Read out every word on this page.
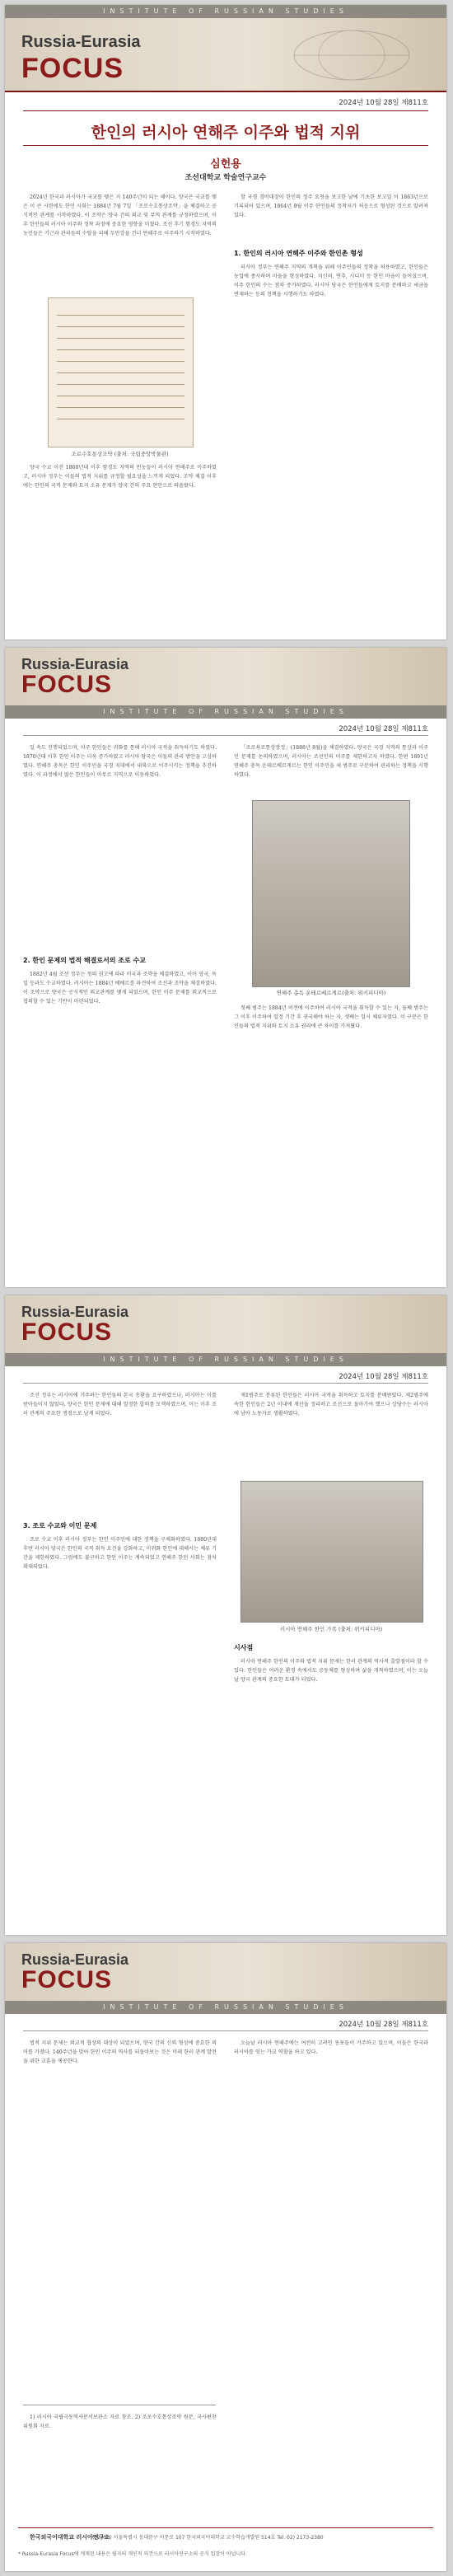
INSTITUTE OF RUSSIAN STUDIES
Russia-Eurasia
FOCUS
2024년 10월 28일 제811호
한인의 러시아 연해주 이주와 법적 지위
심헌용
조선대학교 학술연구교수

2024년 한국과 러시아가 국교를 맺은 지 140주년이 되는 해이다. 양국은 국교를 맺은 이 큰 시련에도 한인 사회는 1884년 7월 7일 「조로수호통상조약」을 체결하고 공식적인 관계를 시작하였다. 이 조약은 양국 간의 외교 및 무역 관계를 규정하였으며, 이후 한인들의 러시아 이주와 정착 과정에 중요한 영향을 미쳤다. 조선 후기 함경도 지역의 농민들은 기근과 관리들의 수탈을 피해 두만강을 건너 연해주로 이주하기 시작하였다.

조로수호통상조약 (출처: 국립중앙박물관)

양국 수교 이전 1860년대 이후 함경도 지역의 빈농들이 러시아 연해주로 이주하였고, 러시아 정부는 이들의 법적 지위를 규정할 필요성을 느끼게 되었다. 조약 체결 이후에는 한인의 국적 문제와 토지 소유 문제가 양국 간의 주요 현안으로 떠올랐다.

할 국경 경비대장이 한인의 정주 요청을 보고한 날에 기초한 보고일 이 1863년으로 기록되어 있으며, 1864년 9월 이주 한인들의 정착지가 처음으로 형성된 것으로 알려져 있다.

1. 한인의 러시아 연해주 이주와 한인촌 형성

러시아 정부는 연해주 지역의 개척을 위해 이주민들의 정착을 허용하였고, 한인들은 농업에 종사하며 마을을 형성하였다. 지신허, 연추, 시디미 등 한인 마을이 들어섰으며, 이주 한인의 수는 점차 증가하였다. 러시아 당국은 한인들에게 토지를 분배하고 세금을 면제하는 등의 정책을 시행하기도 하였다.

Russia-Eurasia
FOCUS
INSTITUTE OF RUSSIAN STUDIES
2024년 10월 28일 제811호

일 속도 진행되었으며, 이주 한인들은 귀화를 통해 러시아 국적을 취득하기도 하였다. 1870년대 이후 한인 이주는 더욱 증가하였고 러시아 당국은 이들의 관리 방안을 고심하였다. 연해주 총독은 한인 이주민을 국경 지대에서 내륙으로 이주시키는 정책을 추진하였다. 이 과정에서 많은 한인들이 아무르 지역으로 이동하였다.

2. 한인 문제의 법적 해결로서의 조로 수교

1882년 4월 조선 정부는 청의 권고에 따라 미국과 조약을 체결하였고, 이어 영국, 독일 등과도 수교하였다. 러시아는 1884년 베베르를 파견하여 조선과 조약을 체결하였다. 이 조약으로 양국은 공식적인 외교관계를 맺게 되었으며, 한인 이주 문제를 외교적으로 협의할 수 있는 기반이 마련되었다.

「조로육로통상장정」(1888년 8월)을 체결하였다. 양국은 국경 지역의 통상과 이주민 문제를 논의하였으며, 러시아는 조선인의 이주를 제한하고자 하였다. 한편 1891년 연해주 총독 운테르베르게르는 한인 이주민을 세 범주로 구분하여 관리하는 정책을 시행하였다.

연해주 총독 운테르베르게르(출처: 위키피디아)

첫째 범주는 1884년 이전에 이주하여 러시아 국적을 취득할 수 있는 자, 둘째 범주는 그 이후 이주하여 일정 기간 후 귀국해야 하는 자, 셋째는 일시 체류자였다. 이 구분은 한인들의 법적 지위와 토지 소유 권리에 큰 차이를 가져왔다.

Russia-Eurasia
FOCUS
INSTITUTE OF RUSSIAN STUDIES
2024년 10월 28일 제811호

조선 정부는 러시아에 거주하는 한인들의 본국 송환을 요구하였으나, 러시아는 이를 받아들이지 않았다. 양국은 한인 문제에 대해 일정한 합의를 모색하였으며, 이는 이후 조러 관계의 주요한 쟁점으로 남게 되었다.

3. 조로 수교와 이민 문제

조로 수교 이후 러시아 정부는 한인 이주민에 대한 정책을 구체화하였다. 1880년대 후반 러시아 당국은 한인의 국적 취득 요건을 강화하고, 미귀화 한인에 대해서는 체류 기간을 제한하였다. 그럼에도 불구하고 한인 이주는 계속되었고 연해주 한인 사회는 점차 확대되었다.

제1범주로 분류된 한인들은 러시아 국적을 취득하고 토지를 분배받았다. 제2범주에 속한 한인들은 2년 이내에 재산을 정리하고 조선으로 돌아가야 했으나 상당수는 러시아에 남아 노동자로 생활하였다.

러시아 연해주 한인 가족 (출처: 위키피디아)
시사점

러시아 연해주 한인의 이주와 법적 지위 문제는 한러 관계의 역사적 출발점이라 할 수 있다. 한인들은 어려운 환경 속에서도 공동체를 형성하며 삶을 개척하였으며, 이는 오늘날 양국 관계의 중요한 토대가 되었다.

Russia-Eurasia
FOCUS
INSTITUTE OF RUSSIAN STUDIES
2024년 10월 28일 제811호

법적 지위 문제는 외교적 협상의 대상이 되었으며, 양국 간의 신뢰 형성에 중요한 의미를 가졌다. 140주년을 맞아 한인 이주의 역사를 되돌아보는 것은 미래 한러 관계 발전을 위한 교훈을 제공한다.

오늘날 러시아 연해주에는 여전히 고려인 동포들이 거주하고 있으며, 이들은 한국과 러시아를 잇는 가교 역할을 하고 있다.

1) 러시아 국립극동역사문서보관소 자료 참조. 2) 조로수호통상조약 원문, 국사편찬위원회 자료.

한국외국어대학교 러시아연구소
(02450) 서울특별시 동대문구 이문로 107 한국외국어대학교 교수학습개발원 514호 Tel. 02) 2173-2380
* Russia-Eurasia Focus에 게재된 내용은 필자의 개인적 의견으로 러시아연구소의 공식 입장이 아닙니다.
